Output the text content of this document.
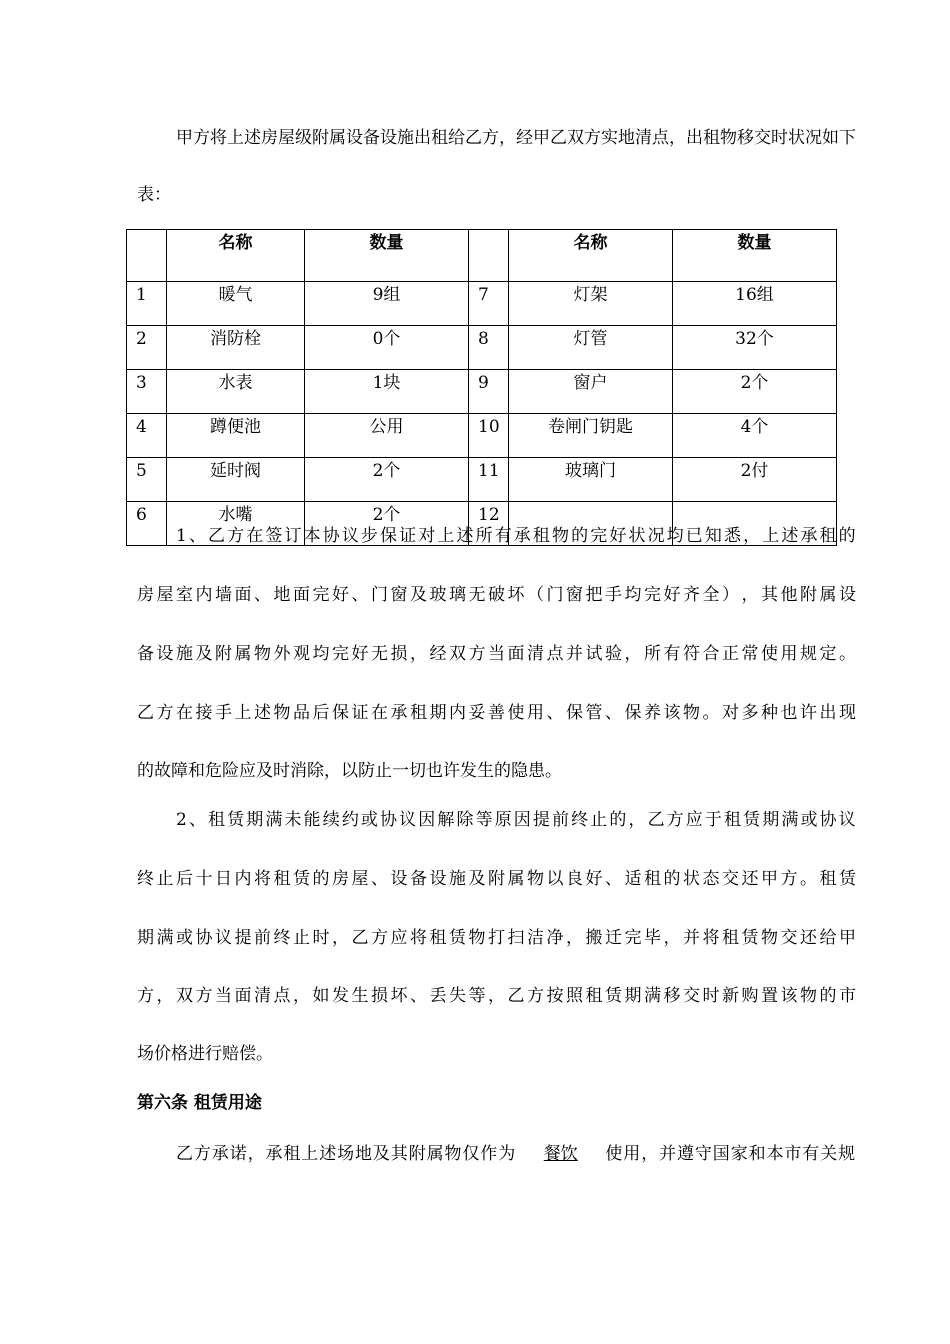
甲 方 将 上 述 房 屋 级 附 属 设 备 设 施 出 租 给 乙 方 ， 经 甲 乙 双 方 实 地 清 点 ， 出 租 物 移 交 时 状 况 如 下
表：
	名称	数量		名称	数量
1	暖气	9组	7	灯架	16组
2	消防栓	0个	8	灯管	32个
3	水表	1块	9	窗户	2个
4	蹲便池	公用	10	卷闸门钥匙	4个
5	延时阀	2个	11	玻璃门	2付
6	水嘴	2个	12		
1 、 乙 方 在 签 订 本 协 议 步 保 证 对 上 述 所 有 承 租 物 的 完 好 状 况 均 已 知 悉 ， 上 述 承 租 的
房 屋 室 内 墙 面 、 地 面 完 好 、 门 窗 及 玻 璃 无 破 坏 （ 门 窗 把 手 均 完 好 齐 全 ） ， 其 他 附 属 设
备 设 施 及 附 属 物 外 观 均 完 好 无 损 ， 经 双 方 当 面 清 点 并 试 验 ， 所 有 符 合 正 常 使 用 规 定 。
乙 方 在 接 手 上 述 物 品 后 保 证 在 承 租 期 内 妥 善 使 用 、 保 管 、 保 养 该 物 。 对 多 种 也 许 出 现
的故障和危险应及时消除，以防止一切也许发生的隐患。
2 、 租 赁 期 满 未 能 续 约 或 协 议 因 解 除 等 原 因 提 前 终 止 的 ， 乙 方 应 于 租 赁 期 满 或 协 议
终 止 后 十 日 内 将 租 赁 的 房 屋 、 设 备 设 施 及 附 属 物 以 良 好 、 适 租 的 状 态 交 还 甲 方 。 租 赁
期 满 或 协 议 提 前 终 止 时 ， 乙 方 应 将 租 赁 物 打 扫 洁 净 ， 搬 迁 完 毕 ， 并 将 租 赁 物 交 还 给 甲
方 ， 双 方 当 面 清 点 ， 如 发 生 损 坏 、 丢 失 等 ， 乙 方 按 照 租 赁 期 满 移 交 时 新 购 置 该 物 的 市
场价格进行赔偿。
第六条 租赁用途
乙方承诺，承租上述场地及其附属物仅作为 餐饮 使用，并遵守国家和本市有关规
